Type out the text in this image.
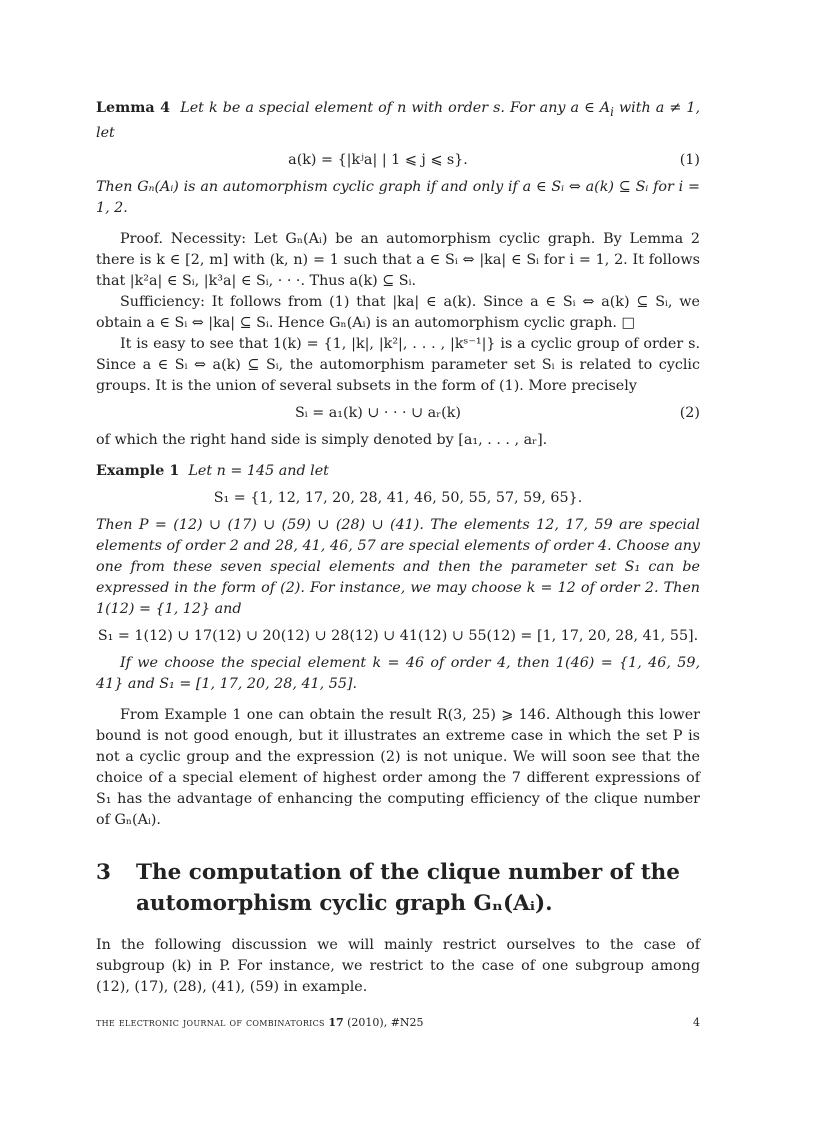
Lemma 4 Let k be a special element of n with order s. For any a ∈ $A_i$ with a ≠ 1, let

a(k) = {|kʲa| | 1 ⩽ j ⩽ s}.	(1)

Then Gₙ(Aᵢ) is an automorphism cyclic graph if and only if a ∈ Sᵢ ⇔ a(k) ⊆ Sᵢ for i = 1, 2.

Proof. Necessity: Let Gₙ(Aᵢ) be an automorphism cyclic graph. By Lemma 2 there is k ∈ [2, m] with (k, n) = 1 such that a ∈ Sᵢ ⇔ |ka| ∈ Sᵢ for i = 1, 2. It follows that |k²a| ∈ Sᵢ, |k³a| ∈ Sᵢ, · · ·. Thus a(k) ⊆ Sᵢ.

Sufficiency: It follows from (1) that |ka| ∈ a(k). Since a ∈ Sᵢ ⇔ a(k) ⊆ Sᵢ, we obtain a ∈ Sᵢ ⇔ |ka| ⊆ Sᵢ. Hence Gₙ(Aᵢ) is an automorphism cyclic graph. □

It is easy to see that 1(k) = {1, |k|, |k²|, . . . , |kˢ⁻¹|} is a cyclic group of order s. Since a ∈ Sᵢ ⇔ a(k) ⊆ Sᵢ, the automorphism parameter set Sᵢ is related to cyclic groups. It is the union of several subsets in the form of (1). More precisely

Sᵢ = a₁(k) ∪ · · · ∪ aᵣ(k)	(2)

of which the right hand side is simply denoted by [a₁, . . . , aᵣ].

Example 1 Let n = 145 and let

S₁ = {1, 12, 17, 20, 28, 41, 46, 50, 55, 57, 59, 65}.

Then P = (12) ∪ (17) ∪ (59) ∪ (28) ∪ (41). The elements 12, 17, 59 are special elements of order 2 and 28, 41, 46, 57 are special elements of order 4. Choose any one from these seven special elements and then the parameter set S₁ can be expressed in the form of (2). For instance, we may choose k = 12 of order 2. Then 1(12) = {1, 12} and

S₁ = 1(12) ∪ 17(12) ∪ 20(12) ∪ 28(12) ∪ 41(12) ∪ 55(12) = [1, 17, 20, 28, 41, 55].

If we choose the special element k = 46 of order 4, then 1(46) = {1, 46, 59, 41} and S₁ = [1, 17, 20, 28, 41, 55].

From Example 1 one can obtain the result R(3, 25) ⩾ 146. Although this lower bound is not good enough, but it illustrates an extreme case in which the set P is not a cyclic group and the expression (2) is not unique. We will soon see that the choice of a special element of highest order among the 7 different expressions of S₁ has the advantage of enhancing the computing efficiency of the clique number of Gₙ(Aᵢ).

3	The computation of the clique number of the automorphism cyclic graph Gₙ(Aᵢ).

In the following discussion we will mainly restrict ourselves to the case of subgroup (k) in P. For instance, we restrict to the case of one subgroup among (12), (17), (28), (41), (59) in example.

the electronic journal of combinatorics 17 (2010), #N25	4
